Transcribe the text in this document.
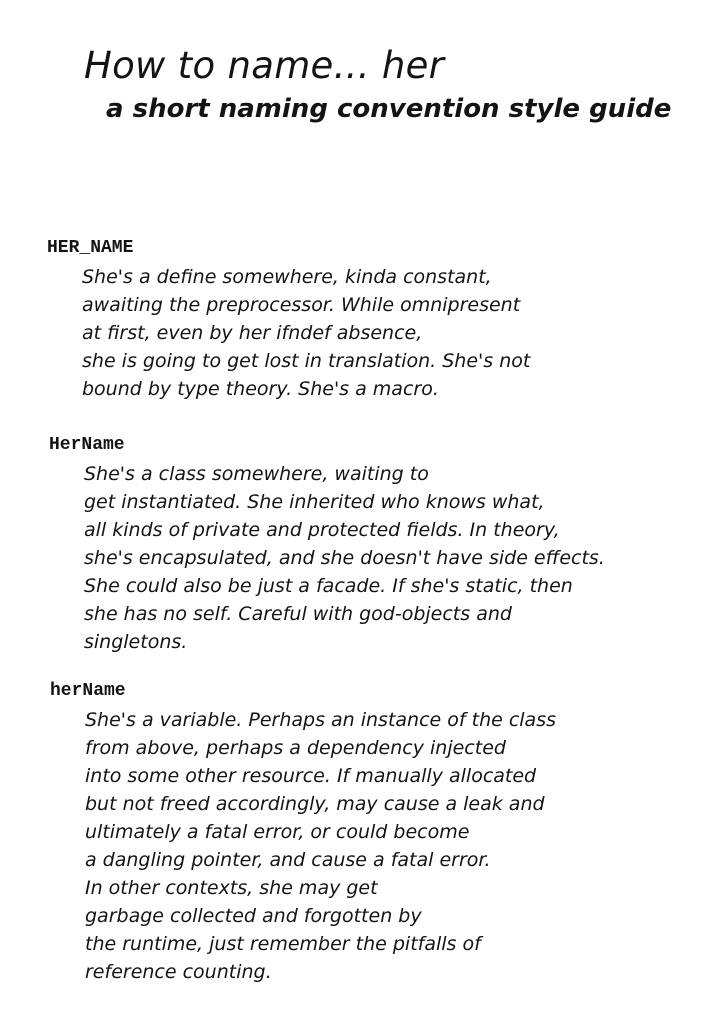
How to name... her
a short naming convention style guide
HER_NAME
She's a define somewhere, kinda constant,
awaiting the preprocessor. While omnipresent
at first, even by her ifndef absence,
she is going to get lost in translation. She's not
bound by type theory. She's a macro.
HerName
She's a class somewhere, waiting to
get instantiated. She inherited who knows what,
all kinds of private and protected fields. In theory,
she's encapsulated, and she doesn't have side effects.
She could also be just a facade. If she's static, then
she has no self. Careful with god-objects and
singletons.
herName
She's a variable. Perhaps an instance of the class
from above, perhaps a dependency injected
into some other resource. If manually allocated
but not freed accordingly, may cause a leak and
ultimately a fatal error, or could become
a dangling pointer, and cause a fatal error.
In other contexts, she may get
garbage collected and forgotten by
the runtime, just remember the pitfalls of
reference counting.
